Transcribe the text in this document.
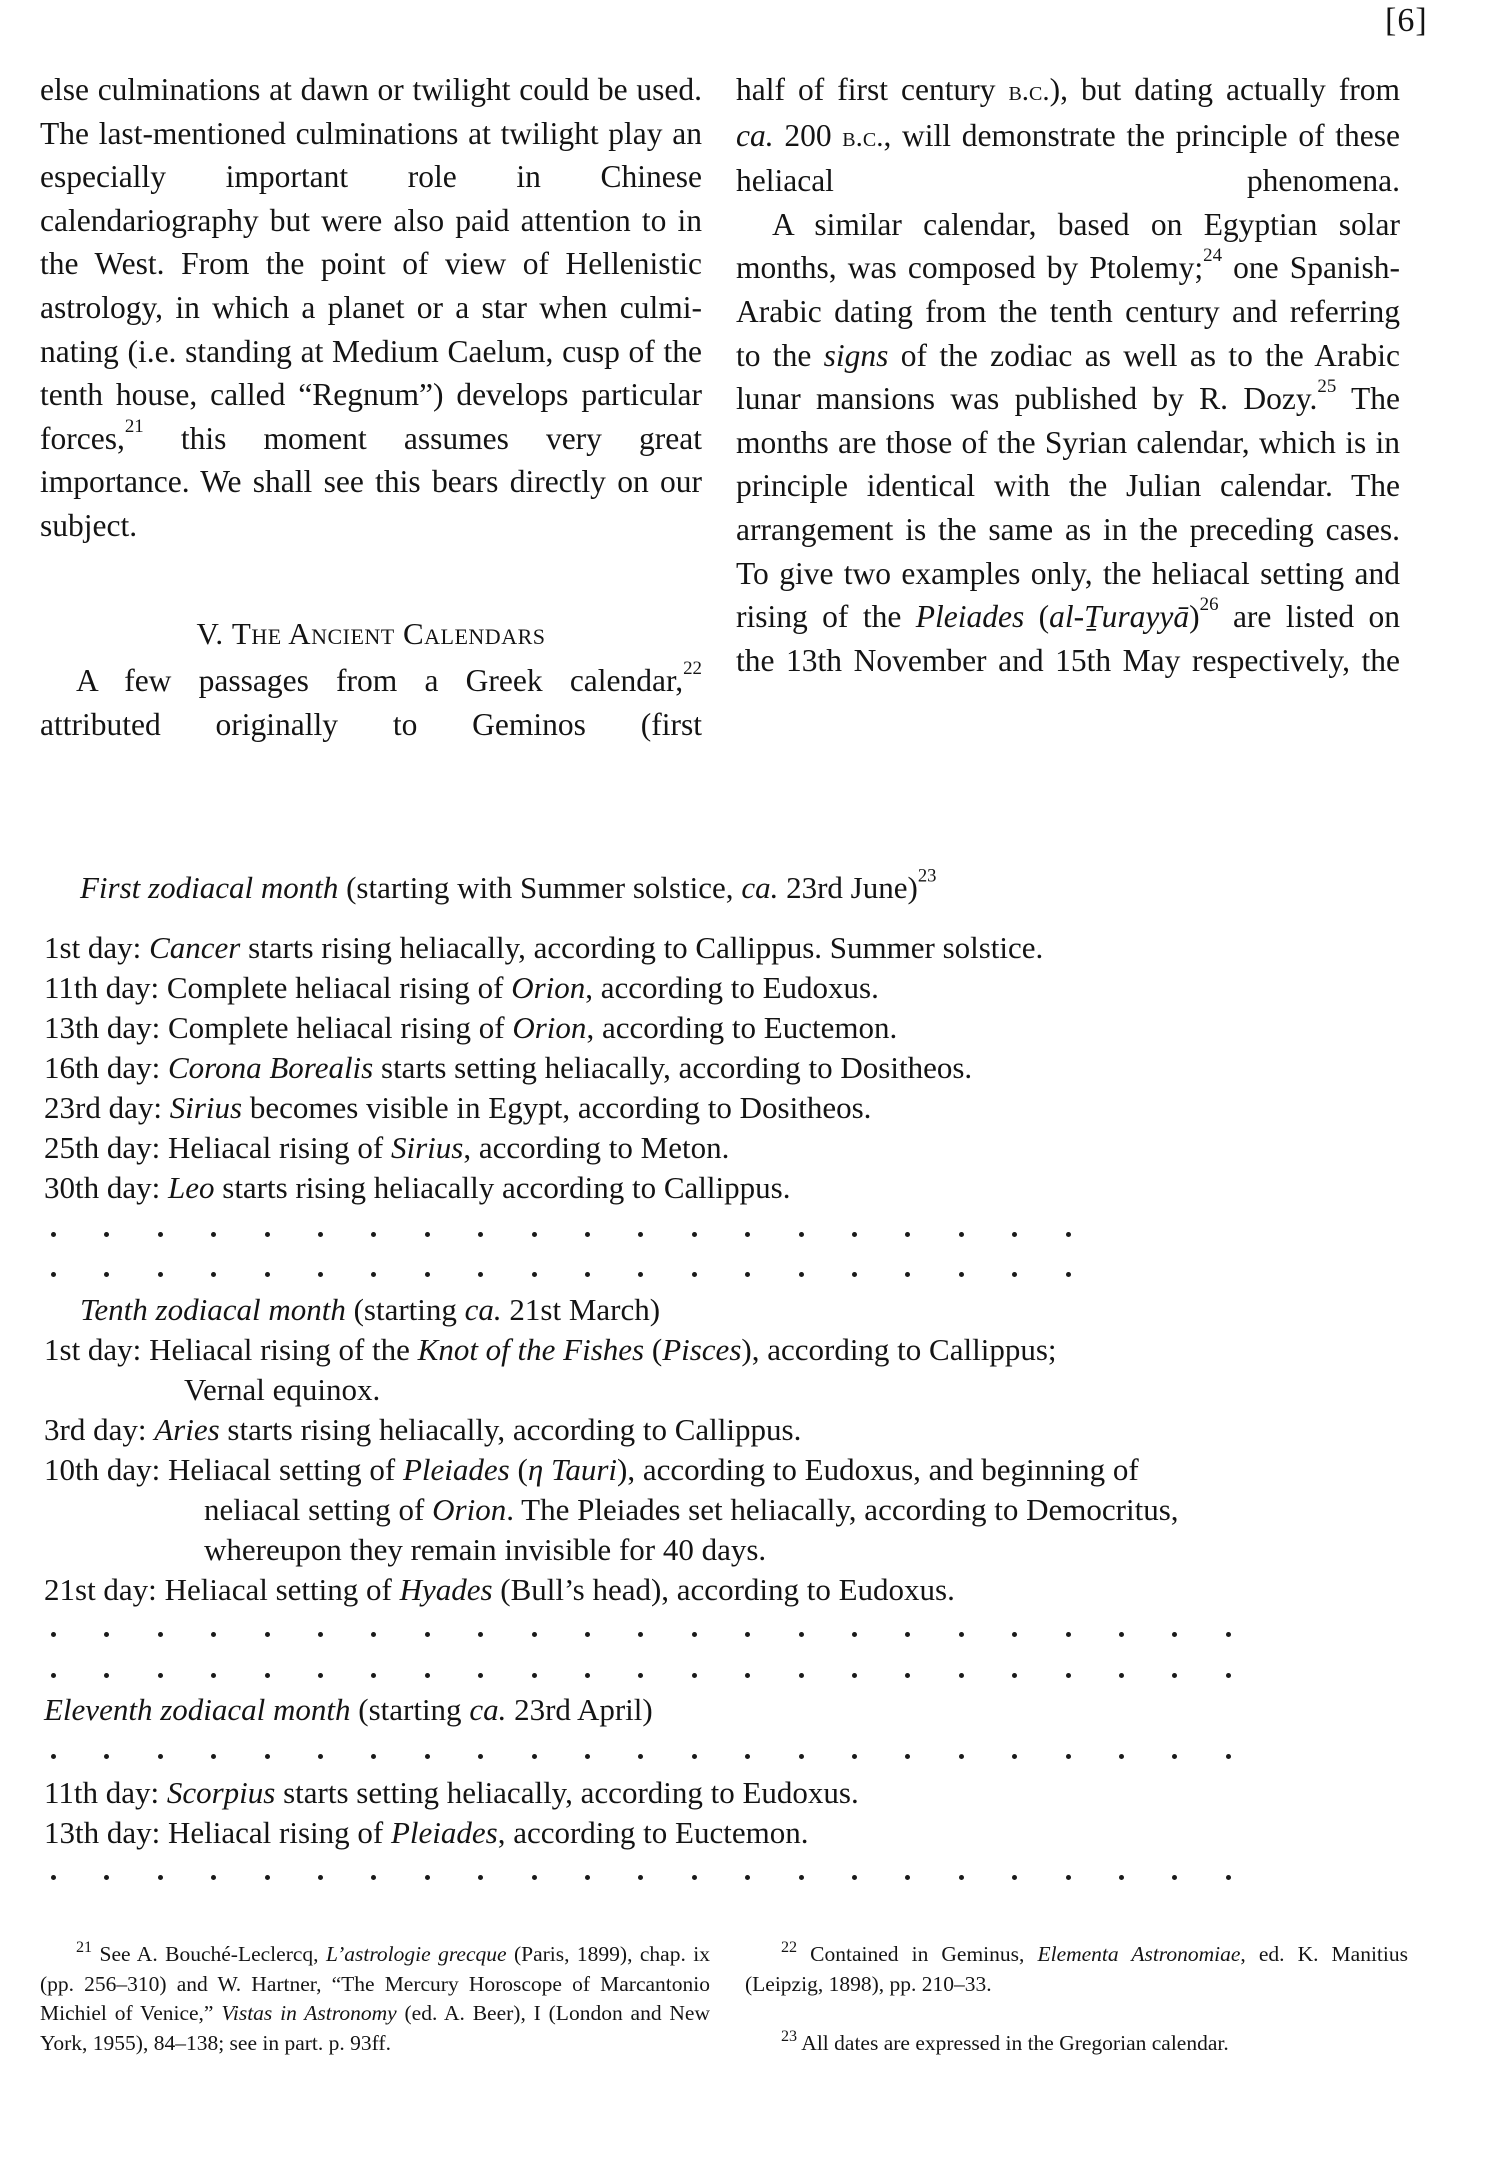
[6]

else culminations at dawn or twilight could be used. The last-mentioned culminations at twilight play an especially important role in Chinese calendariography but were also paid attention to in the West. From the point of view of Hellenistic astrology, in which a planet or a star when culmi-nating (i.e. standing at Medium Caelum, cusp of the tenth house, called “Regnum”) develops particular forces,$^{21}$ this moment assumes very great importance. We shall see this bears directly on our subject.

V. The Ancient Calendars

A few passages from a Greek calendar,$^{22}$ attributed originally to Geminos (first

half of first century b.c.), but dating actually from ca. 200 b.c., will demonstrate the principle of these heliacal phenomena.

A similar calendar, based on Egyptian solar months, was composed by Ptolemy;$^{24}$ one Spanish-Arabic dating from the tenth century and referring to the signs of the zodiac as well as to the Arabic lunar mansions was published by R. Dozy.$^{25}$ The months are those of the Syrian calendar, which is in principle identical with the Julian calendar. The arrangement is the same as in the preceding cases. To give two examples only, the heliacal setting and rising of the Pleiades (al-Ṯurayyā)$^{26}$ are listed on the 13th November and 15th May respectively, the

First zodiacal month (starting with Summer solstice, ca. 23rd June)$^{23}$
1st day: Cancer starts rising heliacally, according to Callippus. Summer solstice.
11th day: Complete heliacal rising of Orion, according to Eudoxus.
13th day: Complete heliacal rising of Orion, according to Euctemon.
16th day: Corona Borealis starts setting heliacally, according to Dositheos.
23rd day: Sirius becomes visible in Egypt, according to Dositheos.
25th day: Heliacal rising of Sirius, according to Meton.
30th day: Leo starts rising heliacally according to Callippus.
Tenth zodiacal month (starting ca. 21st March)
1st day: Heliacal rising of the Knot of the Fishes (Pisces), according to Callippus;
Vernal equinox.
3rd day: Aries starts rising heliacally, according to Callippus.
10th day: Heliacal setting of Pleiades (η Tauri), according to Eudoxus, and beginning of
neliacal setting of Orion. The Pleiades set heliacally, according to Democritus,
whereupon they remain invisible for 40 days.
21st day: Heliacal setting of Hyades (Bull’s head), according to Eudoxus.
Eleventh zodiacal month (starting ca. 23rd April)
11th day: Scorpius starts setting heliacally, according to Eudoxus.
13th day: Heliacal rising of Pleiades, according to Euctemon.

$^{21}$ See A. Bouché-Leclercq, L’astrologie grecque (Paris, 1899), chap. ix (pp. 256–310) and W. Hartner, “The Mercury Horoscope of Marcantonio Michiel of Venice,” Vistas in Astronomy (ed. A. Beer), I (London and New York, 1955), 84–138; see in part. p. 93ff.

$^{22}$ Contained in Geminus, Elementa Astronomiae, ed. K. Manitius (Leipzig, 1898), pp. 210–33.

$^{23}$ All dates are expressed in the Gregorian calendar.
